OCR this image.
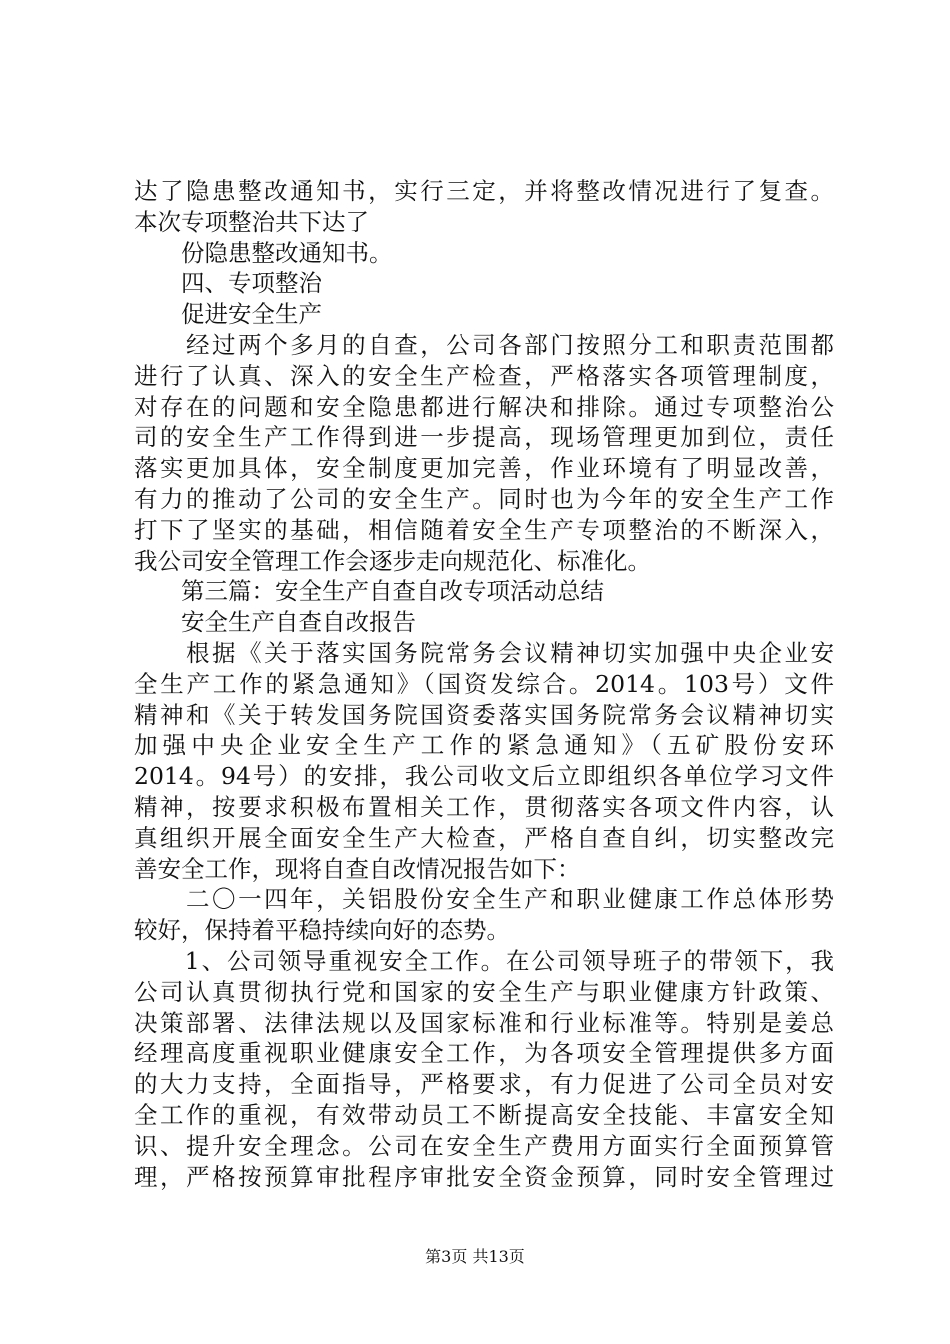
达了隐患整改通知书，实行三定，并将整改情况进行了复查。
本次专项整治共下达了
　　份隐患整改通知书。
　　四、专项整治
　　促进安全生产
　　经过两个多月的自查，公司各部门按照分工和职责范围都
进行了认真、深入的安全生产检查，严格落实各项管理制度，
对存在的问题和安全隐患都进行解决和排除。通过专项整治公
司的安全生产工作得到进一步提高，现场管理更加到位，责任
落实更加具体，安全制度更加完善，作业环境有了明显改善，
有力的推动了公司的安全生产。同时也为今年的安全生产工作
打下了坚实的基础，相信随着安全生产专项整治的不断深入，
我公司安全管理工作会逐步走向规范化、标准化。
　　第三篇：安全生产自查自改专项活动总结
　　安全生产自查自改报告
　　根据《关于落实国务院常务会议精神切实加强中央企业安
全生产工作的紧急通知》（国资发综合。2014。103号）文件
精神和《关于转发国务院国资委落实国务院常务会议精神切实
加强中央企业安全生产工作的紧急通知》（五矿股份安环
2014。94号）的安排，我公司收文后立即组织各单位学习文件
精神，按要求积极布置相关工作，贯彻落实各项文件内容，认
真组织开展全面安全生产大检查，严格自查自纠，切实整改完
善安全工作，现将自查自改情况报告如下：
　　二〇一四年，关铝股份安全生产和职业健康工作总体形势
较好，保持着平稳持续向好的态势。
　　1、公司领导重视安全工作。在公司领导班子的带领下，我
公司认真贯彻执行党和国家的安全生产与职业健康方针政策、
决策部署、法律法规以及国家标准和行业标准等。特别是姜总
经理高度重视职业健康安全工作，为各项安全管理提供多方面
的大力支持，全面指导，严格要求，有力促进了公司全员对安
全工作的重视，有效带动员工不断提高安全技能、丰富安全知
识、提升安全理念。公司在安全生产费用方面实行全面预算管
理，严格按预算审批程序审批安全资金预算，同时安全管理过
第3页 共13页
